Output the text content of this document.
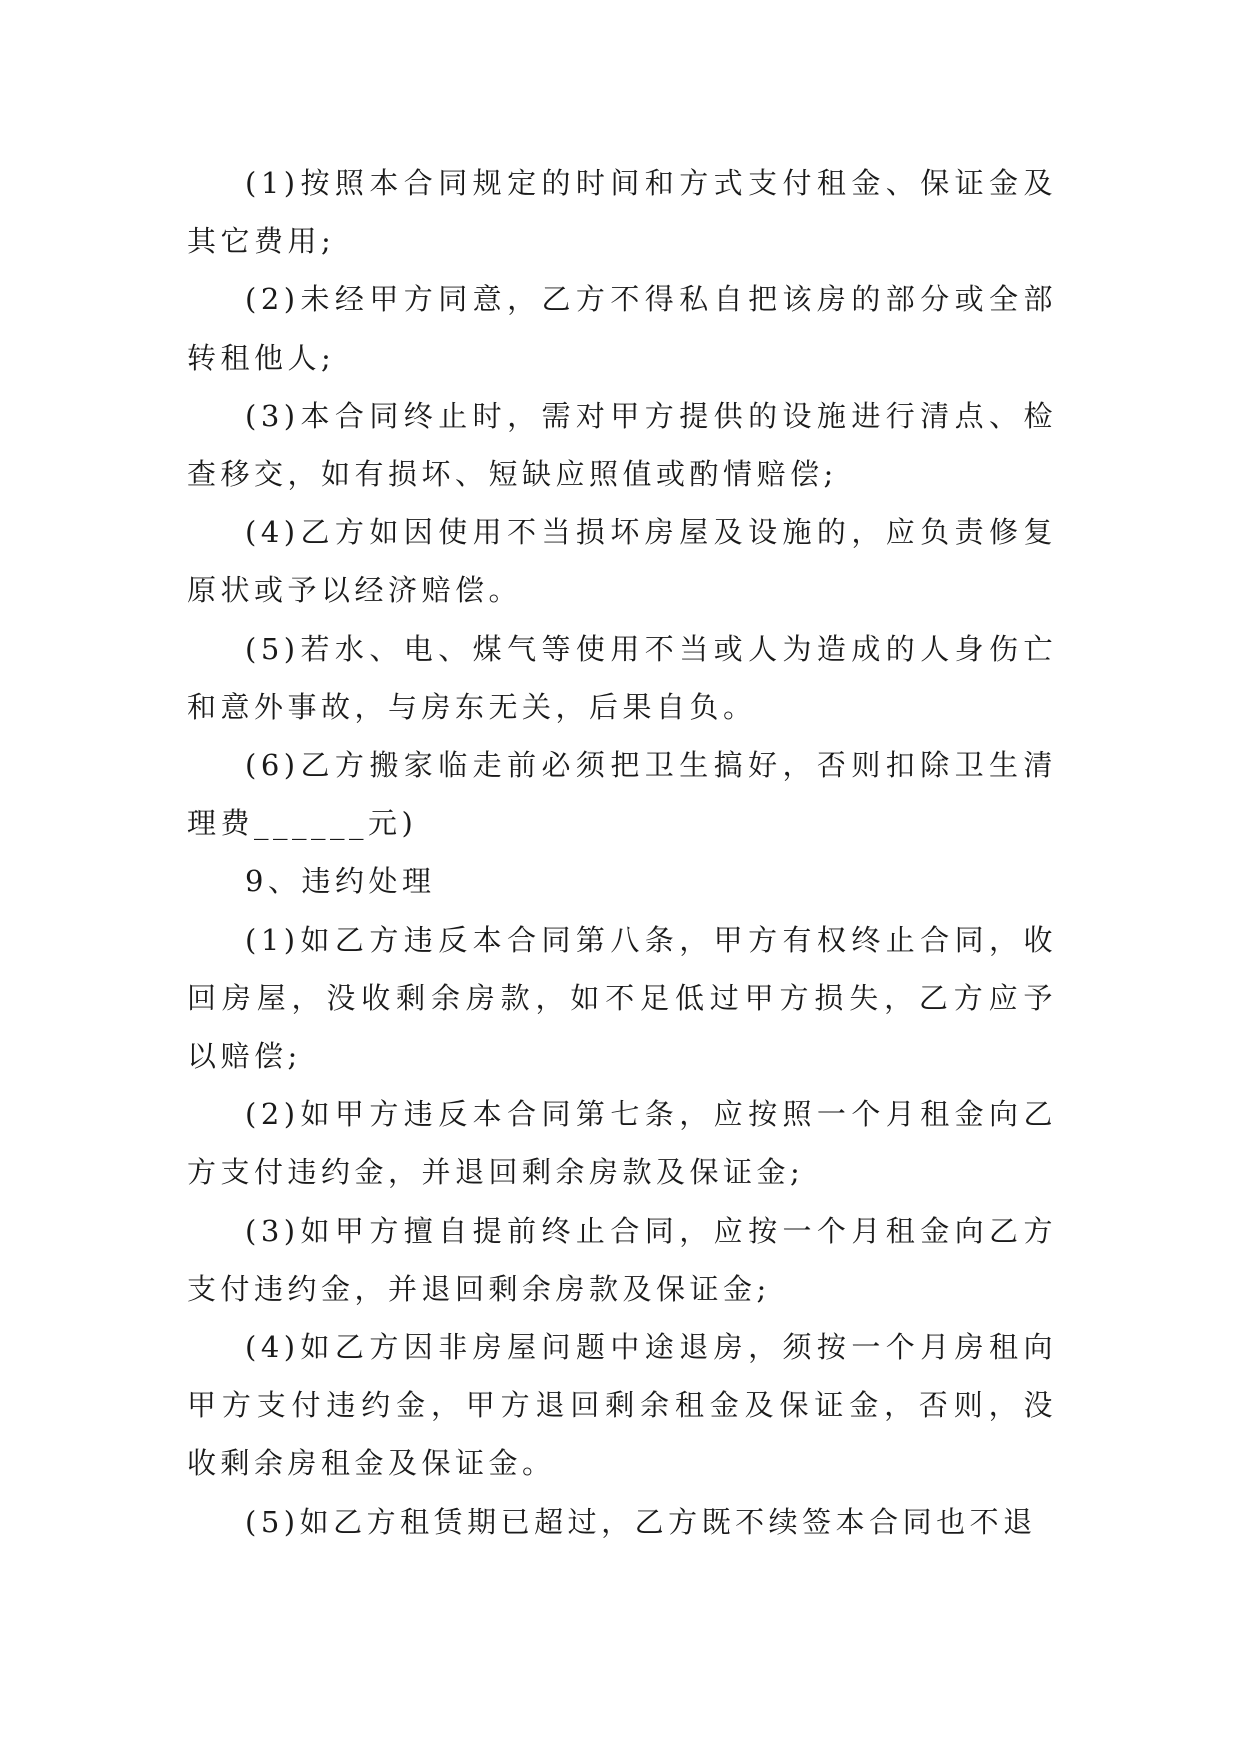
(1)按照本合同规定的时间和方式支付租金、保证金及其它费用;

(2)未经甲方同意，乙方不得私自把该房的部分或全部转租他人;

(3)本合同终止时，需对甲方提供的设施进行清点、检查移交，如有损坏、短缺应照值或酌情赔偿;

(4)乙方如因使用不当损坏房屋及设施的，应负责修复原状或予以经济赔偿。

(5)若水、电、煤气等使用不当或人为造成的人身伤亡和意外事故，与房东无关，后果自负。

(6)乙方搬家临走前必须把卫生搞好，否则扣除卫生清理费______元)

9、违约处理

(1)如乙方违反本合同第八条，甲方有权终止合同，收回房屋，没收剩余房款，如不足低过甲方损失，乙方应予以赔偿;

(2)如甲方违反本合同第七条，应按照一个月租金向乙方支付违约金，并退回剩余房款及保证金;

(3)如甲方擅自提前终止合同，应按一个月租金向乙方支付违约金，并退回剩余房款及保证金;

(4)如乙方因非房屋问题中途退房，须按一个月房租向甲方支付违约金，甲方退回剩余租金及保证金，否则，没收剩余房租金及保证金。

(5)如乙方租赁期已超过，乙方既不续签本合同也不退
